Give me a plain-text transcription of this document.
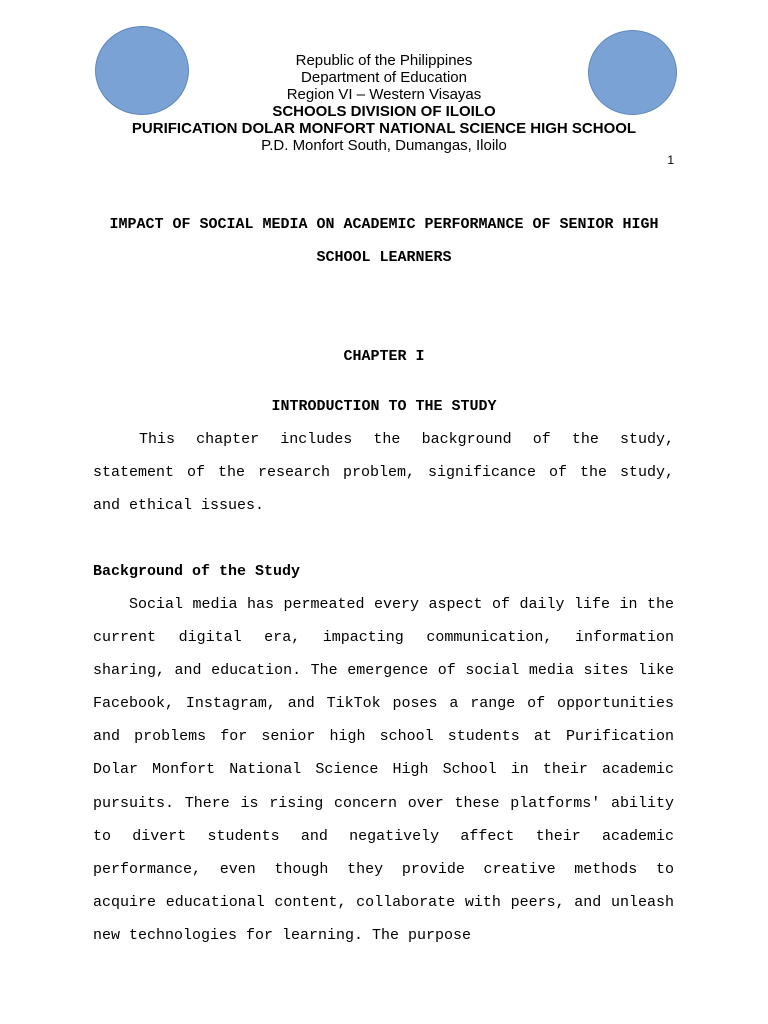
Republic of the Philippines
Department of Education
Region VI – Western Visayas
SCHOOLS DIVISION OF ILOILO
PURIFICATION DOLAR MONFORT NATIONAL SCIENCE HIGH SCHOOL
P.D. Monfort South, Dumangas, Iloilo
1
IMPACT OF SOCIAL MEDIA ON ACADEMIC PERFORMANCE OF SENIOR HIGH SCHOOL LEARNERS
CHAPTER I
INTRODUCTION TO THE STUDY

This chapter includes the background of the study, statement of the research problem, significance of the study, and ethical issues.

Background of the Study

Social media has permeated every aspect of daily life in the current digital era, impacting communication, information sharing, and education. The emergence of social media sites like Facebook, Instagram, and TikTok poses a range of opportunities and problems for senior high school students at Purification Dolar Monfort National Science High School in their academic pursuits. There is rising concern over these platforms' ability to divert students and negatively affect their academic performance, even though they provide creative methods to acquire educational content, collaborate with peers, and unleash new technologies for learning. The purpose
